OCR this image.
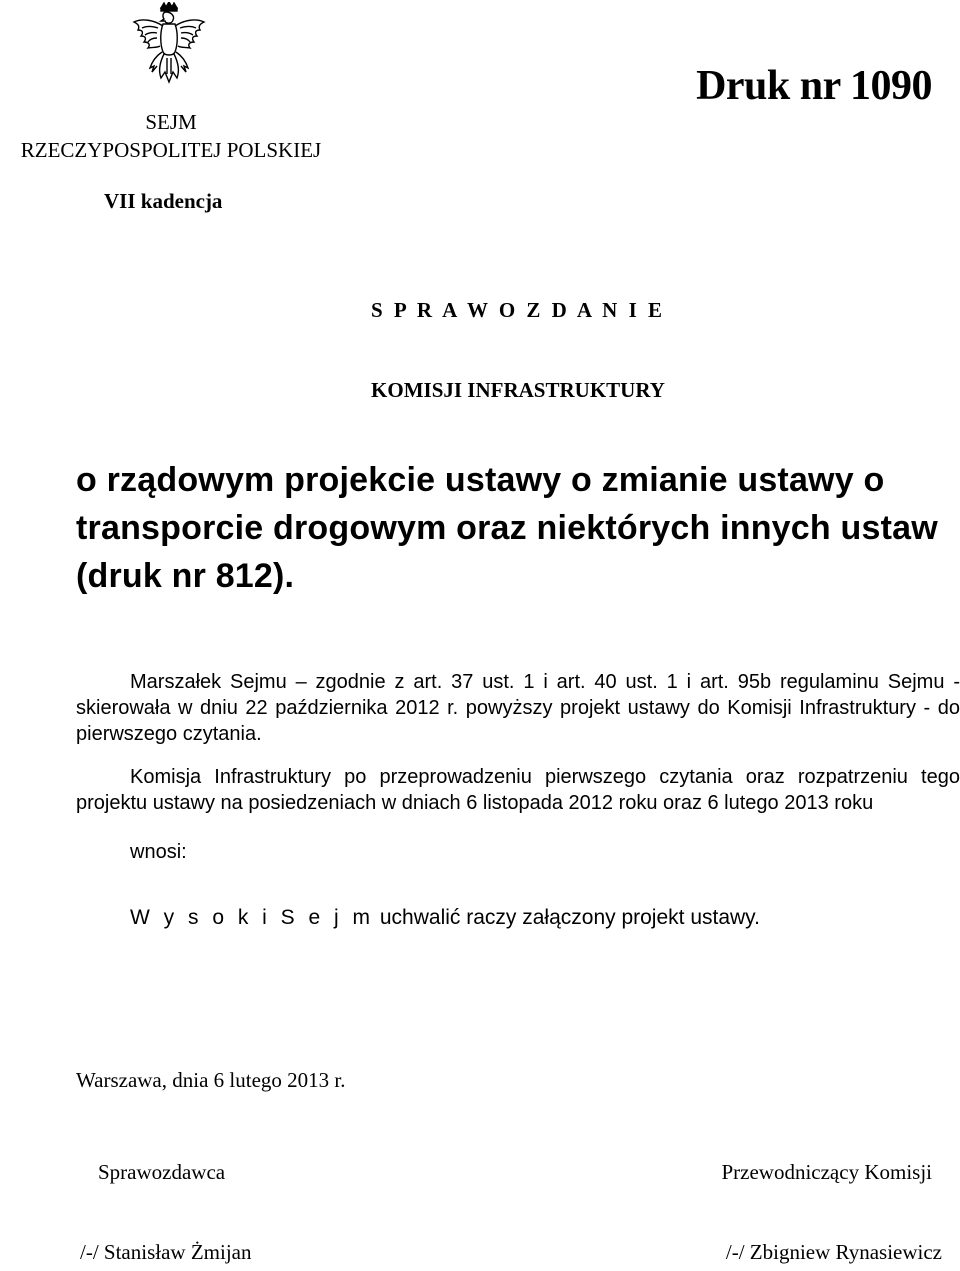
SEJM
RZECZYPOSPOLITEJ POLSKIEJ
VII kadencja
Druk nr 1090
S P R A W O Z D A N I E
KOMISJI INFRASTRUKTURY
o rządowym projekcie ustawy o zmianie ustawy o transporcie drogowym oraz niektórych innych ustaw (druk nr 812).
Marszałek Sejmu – zgodnie z art. 37 ust. 1 i art. 40 ust. 1 i art. 95b regulaminu Sejmu - skierowała w dniu 22 października 2012 r. powyższy projekt ustawy do Komisji Infrastruktury - do pierwszego czytania.
Komisja Infrastruktury po przeprowadzeniu pierwszego czytania oraz rozpatrzeniu tego projektu ustawy na posiedzeniach w dniach 6 listopada 2012 roku oraz 6 lutego 2013 roku
wnosi:
W y s o k i S e j m uchwalić raczy załączony projekt ustawy.
Warszawa, dnia 6 lutego 2013 r.
Sprawozdawca	Przewodniczący Komisji
/-/ Stanisław Żmijan	/-/ Zbigniew Rynasiewicz
